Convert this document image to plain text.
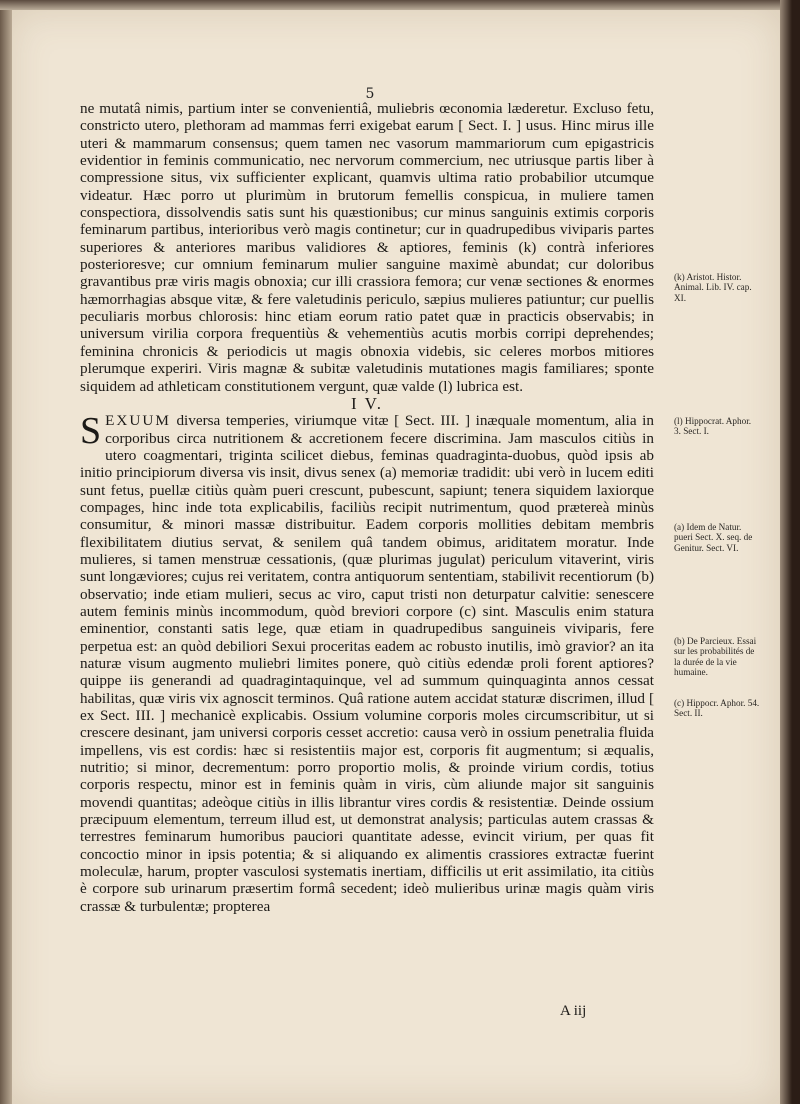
5

ne mutatâ nimis, partium inter se convenientiâ, muliebris œconomia læderetur. Exclusо fetu, constricto utero, plethoram ad mammas ferri exigebat earum [ Sect. I. ] usus. Hinc mirus ille uteri & mammarum consensus; quem tamen nec vasorum mammariorum cum epigastricis evidentior in feminis communicatio, nec nervorum commercium, nec utriusque partis liber à compressione situs, vix sufficienter explicant, quamvis ultima ratio probabilior utcumque videatur. Hæc porro ut plurimùm in brutorum femellis conspicua, in muliere tamen conspectiora, dissolvendis satis sunt his quæstionibus; cur minus sanguinis extimis corporis feminarum partibus, interioribus verò magis continetur; cur in quadrupedibus viviparis partes superiores & anteriores maribus validiores & aptiores, feminis (k) contrà inferiores posterioresve; cur omnium feminarum mulier sanguine maximè abundat; cur doloribus gravantibus præ viris magis obnoxia; cur illi crassiora femora; cur venæ sectiones & enormes hæmorrhagias absque vitæ, & fere valetudinis periculo, sæpius mulieres patiuntur; cur puellis peculiaris morbus chlorosis: hinc etiam eorum ratio patet quæ in practicis observabis; in universum virilia corpora frequentiùs & vehementiùs acutis morbis corripi deprehendes; feminina chronicis & periodicis ut magis obnoxia videbis, sic celeres morbos mitiores plerumque experiri. Viris magnæ & subitæ valetudinis mutationes magis familiares; sponte siquidem ad athleticam constitutionem vergunt, quæ valde (l) lubrica est.

I V.

S EXUUM diversa temperies, viriumque vitæ [ Sect. III. ] inæquale momentum, alia in corporibus circa nutritionem & accretionem fecere discrimina. Jam masculos citiùs in utero coagmentari, triginta scilicet diebus, feminas quadraginta-duobus, quòd ipsis ab initio principiorum diversa vis insit, divus senex (a) memoriæ tradidit: ubi verò in lucem editi sunt fetus, puellæ citiùs quàm pueri crescunt, pubescunt, sapiunt; tenera siquidem laxiorque compages, hinc inde tota explicabilis, faciliùs recipit nutrimentum, quod prætereà minùs consumitur, & minori massæ distribuitur. Eadem corporis mollities debitam membris flexibilitatem diutius servat, & senilem quâ tandem obimus, ariditatem moratur. Inde mulieres, si tamen menstruæ cessationis, (quæ plurimas jugulat) periculum vitaverint, viris sunt longæviores; cujus rei veritatem, contra antiquorum sententiam, stabilivit recentiorum (b) observatio; inde etiam mulieri, secus ac viro, caput tristi non deturpatur calvitie: senescere autem feminis minùs incommodum, quòd breviori corpore (c) sint. Masculis enim statura eminentior, constanti satis lege, quæ etiam in quadrupedibus sanguineis viviparis, fere perpetua est: an quòd debiliori Sexui proceritas eadem ac robusto inutilis, imò gravior? an ita naturæ visum augmento muliebri limites ponere, quò citiùs edendæ proli forent aptiores? quippe iis generandi ad quadragintaquinque, vel ad summum quinquaginta annos cessat habilitas, quæ viris vix agnoscit terminos. Quâ ratione autem accidat staturæ discrimen, illud [ ex Sect. III. ] mechanicè explicabis. Ossium volumine corporis moles circumscribitur, ut si crescere desinant, jam universi corporis cesset accretio: causa verò in ossium penetralia fluida impellens, vis est cordis: hæc si resistentiis major est, corporis fit augmentum; si æqualis, nutritio; si minor, decrementum: porro proportio molis, & proinde virium cordis, totius corporis respectu, minor est in feminis quàm in viris, cùm aliunde major sit sanguinis movendi quantitas; adeòque citiùs in illis librantur vires cordis & resistentiæ. Deinde ossium præcipuum elementum, terreum illud est, ut demonstrat analysis; particulas autem crassas & terrestres feminarum humoribus pauciori quantitate adesse, evincit virium, per quas fit concoctio minor in ipsis potentia; & si aliquando ex alimentis crassiores extractæ fuerint moleculæ, harum, propter vasculosi systematis inertiam, difficilis ut erit assimilatio, ita citiùs è corpore sub urinarum præsertim formâ secedent; ideò mulieribus urinæ magis quàm viris crassæ & turbulentæ; propterea

(k) Aristot. Histor. Animal. Lib. IV. cap. XI.
(l) Hippocrat. Aphor. 3. Sect. I.
(a) Idem de Natur. pueri Sect. X. seq. de Genitur. Sect. VI.
(b) De Parcieux. Essai sur les probabilités de la durée de la vie humaine.
(c) Hippocr. Aphor. 54. Sect. II.
A iij
